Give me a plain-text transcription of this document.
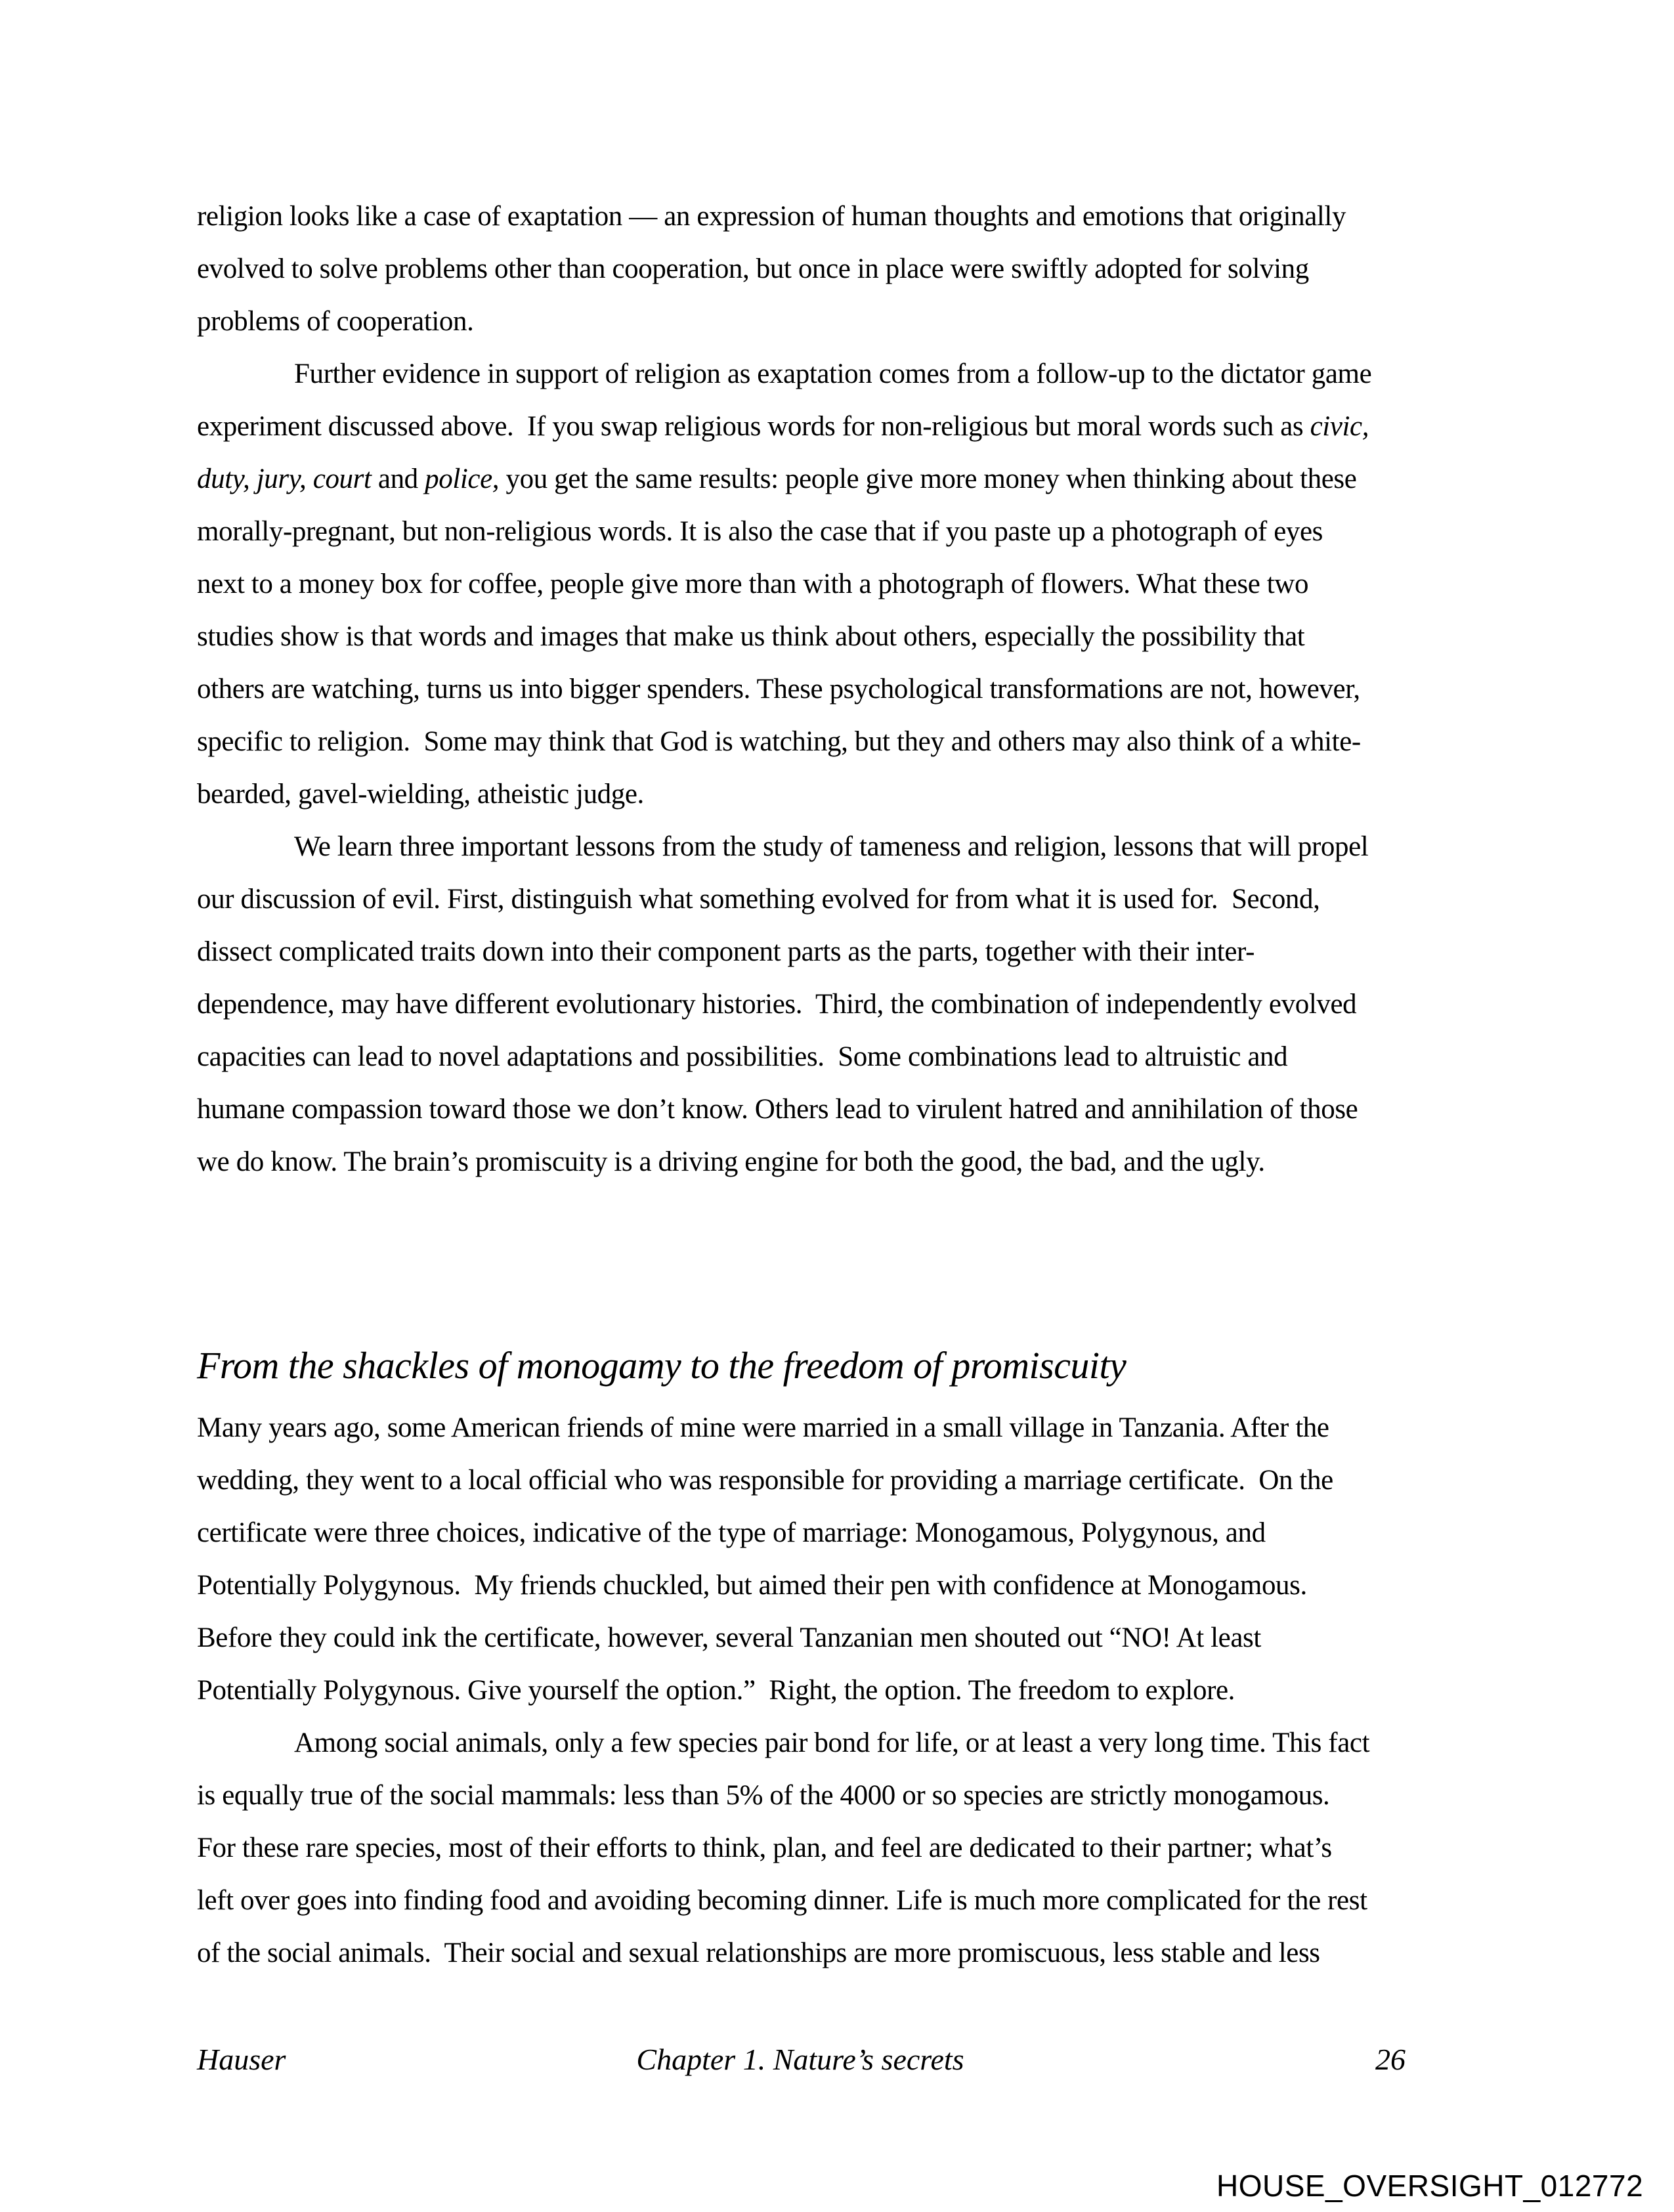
religion looks like a case of exaptation — an expression of human thoughts and emotions that originally
evolved to solve problems other than cooperation, but once in place were swiftly adopted for solving
problems of cooperation.
Further evidence in support of religion as exaptation comes from a follow-up to the dictator game
experiment discussed above.  If you swap religious words for non-religious but moral words such as civic,
duty, jury, court and police, you get the same results: people give more money when thinking about these
morally-pregnant, but non-religious words. It is also the case that if you paste up a photograph of eyes
next to a money box for coffee, people give more than with a photograph of flowers. What these two
studies show is that words and images that make us think about others, especially the possibility that
others are watching, turns us into bigger spenders. These psychological transformations are not, however,
specific to religion.  Some may think that God is watching, but they and others may also think of a white-
bearded, gavel-wielding, atheistic judge.
We learn three important lessons from the study of tameness and religion, lessons that will propel
our discussion of evil. First, distinguish what something evolved for from what it is used for.  Second,
dissect complicated traits down into their component parts as the parts, together with their inter-
dependence, may have different evolutionary histories.  Third, the combination of independently evolved
capacities can lead to novel adaptations and possibilities.  Some combinations lead to altruistic and
humane compassion toward those we don’t know. Others lead to virulent hatred and annihilation of those
we do know. The brain’s promiscuity is a driving engine for both the good, the bad, and the ugly.
From the shackles of monogamy to the freedom of promiscuity
Many years ago, some American friends of mine were married in a small village in Tanzania. After the
wedding, they went to a local official who was responsible for providing a marriage certificate.  On the
certificate were three choices, indicative of the type of marriage: Monogamous, Polygynous, and
Potentially Polygynous.  My friends chuckled, but aimed their pen with confidence at Monogamous.
Before they could ink the certificate, however, several Tanzanian men shouted out “NO! At least
Potentially Polygynous. Give yourself the option.”  Right, the option. The freedom to explore.
Among social animals, only a few species pair bond for life, or at least a very long time. This fact
is equally true of the social mammals: less than 5% of the 4000 or so species are strictly monogamous.
For these rare species, most of their efforts to think, plan, and feel are dedicated to their partner; what’s
left over goes into finding food and avoiding becoming dinner. Life is much more complicated for the rest
of the social animals.  Their social and sexual relationships are more promiscuous, less stable and less
Hauser	Chapter 1. Nature’s secrets	26
HOUSE_OVERSIGHT_012772
